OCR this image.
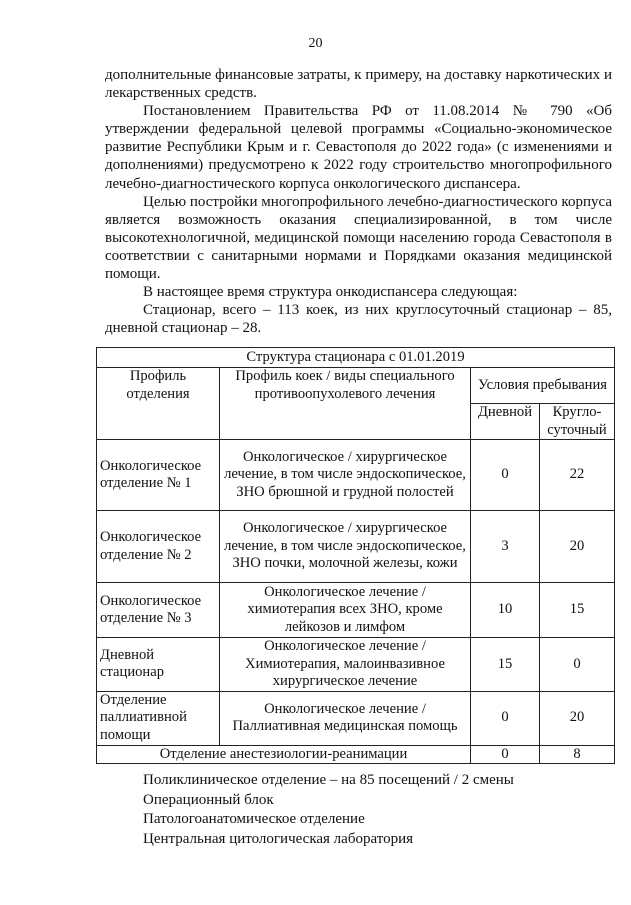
20

дополнительные финансовые затраты, к примеру, на доставку наркотических и лекарственных средств.

Постановлением Правительства РФ от 11.08.2014 № 790 «Об утверждении федеральной целевой программы «Социально-экономическое развитие Республики Крым и г. Севастополя до 2022 года» (с изменениями и дополнениями) предусмотрено к 2022 году строительство многопрофильного лечебно-диагностического корпуса онкологического диспансера.

Целью постройки многопрофильного лечебно-диагностического корпуса является возможность оказания специализированной, в том числе высокотехнологичной, медицинской помощи населению города Севастополя в соответствии с санитарными нормами и Порядками оказания медицинской помощи.

В настоящее время структура онкодиспансера следующая:

Стационар, всего – 113 коек, из них круглосуточный стационар – 85, дневной стационар – 28.

Структура стационара с 01.01.2019			
Профиль отделения	Профиль коек / виды специального противоопухолевого лечения	Условия пребывания	
		Дневной	Кругло-суточный
Онкологическое отделение № 1	Онкологическое / хирургическое лечение, в том числе эндоскопическое, ЗНО брюшной и грудной полостей	0	22
Онкологическое отделение № 2	Онкологическое / хирургическое лечение, в том числе эндоскопическое, ЗНО почки, молочной железы, кожи	3	20
Онкологическое отделение № 3	Онкологическое лечение / химиотерапия всех ЗНО, кроме лейкозов и лимфом	10	15
Дневной стационар	Онкологическое лечение / Химиотерапия, малоинвазивное хирургическое лечение	15	0
Отделение паллиативной помощи	Онкологическое лечение / Паллиативная медицинская помощь	0	20
Отделение анестезиологии-реанимации		0	8
Поликлиническое отделение – на 85 посещений / 2 смены
Операционный блок
Патологоанатомическое отделение
Центральная цитологическая лаборатория
